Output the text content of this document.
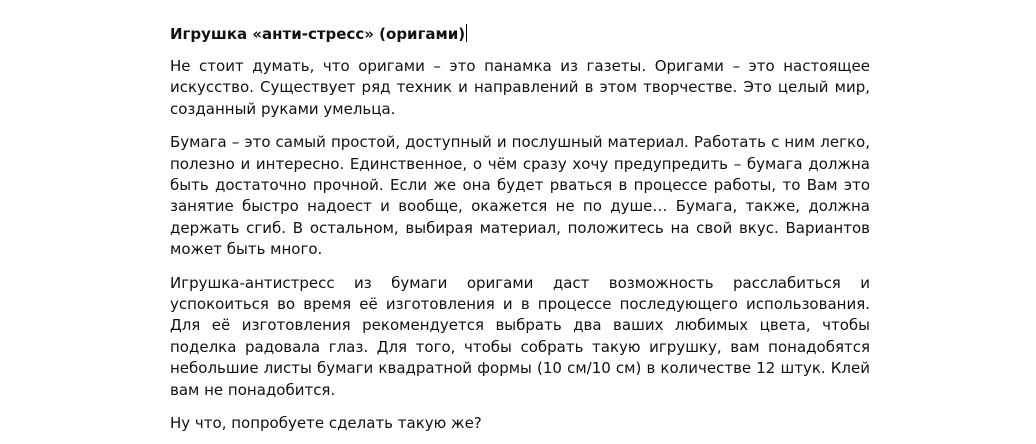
Игрушка «анти-стресс» (оригами)

Не стоит думать, что оригами – это панамка из газеты. Оригами – это настоящее искусство. Существует ряд техник и направлений в этом творчестве. Это целый мир, созданный руками умельца.

Бумага – это самый простой, доступный и послушный материал. Работать с ним легко, полезно и интересно. Единственное, о чём сразу хочу предупредить – бумага должна быть достаточно прочной. Если же она будет рваться в процессе работы, то Вам это занятие быстро надоест и вообще, окажется не по душе… Бумага, также, должна держать сгиб. В остальном, выбирая материал, положитесь на свой вкус. Вариантов может быть много.

Игрушка-антистресс из бумаги оригами даст возможность расслабиться и успокоиться во время её изготовления и в процессе последующего использования. Для её изготовления рекомендуется выбрать два ваших любимых цвета, чтобы поделка радовала глаз. Для того, чтобы собрать такую игрушку, вам понадобятся небольшие листы бумаги квадратной формы (10 см/10 см) в количестве 12 штук. Клей вам не понадобится.

Ну что, попробуете сделать такую же?
